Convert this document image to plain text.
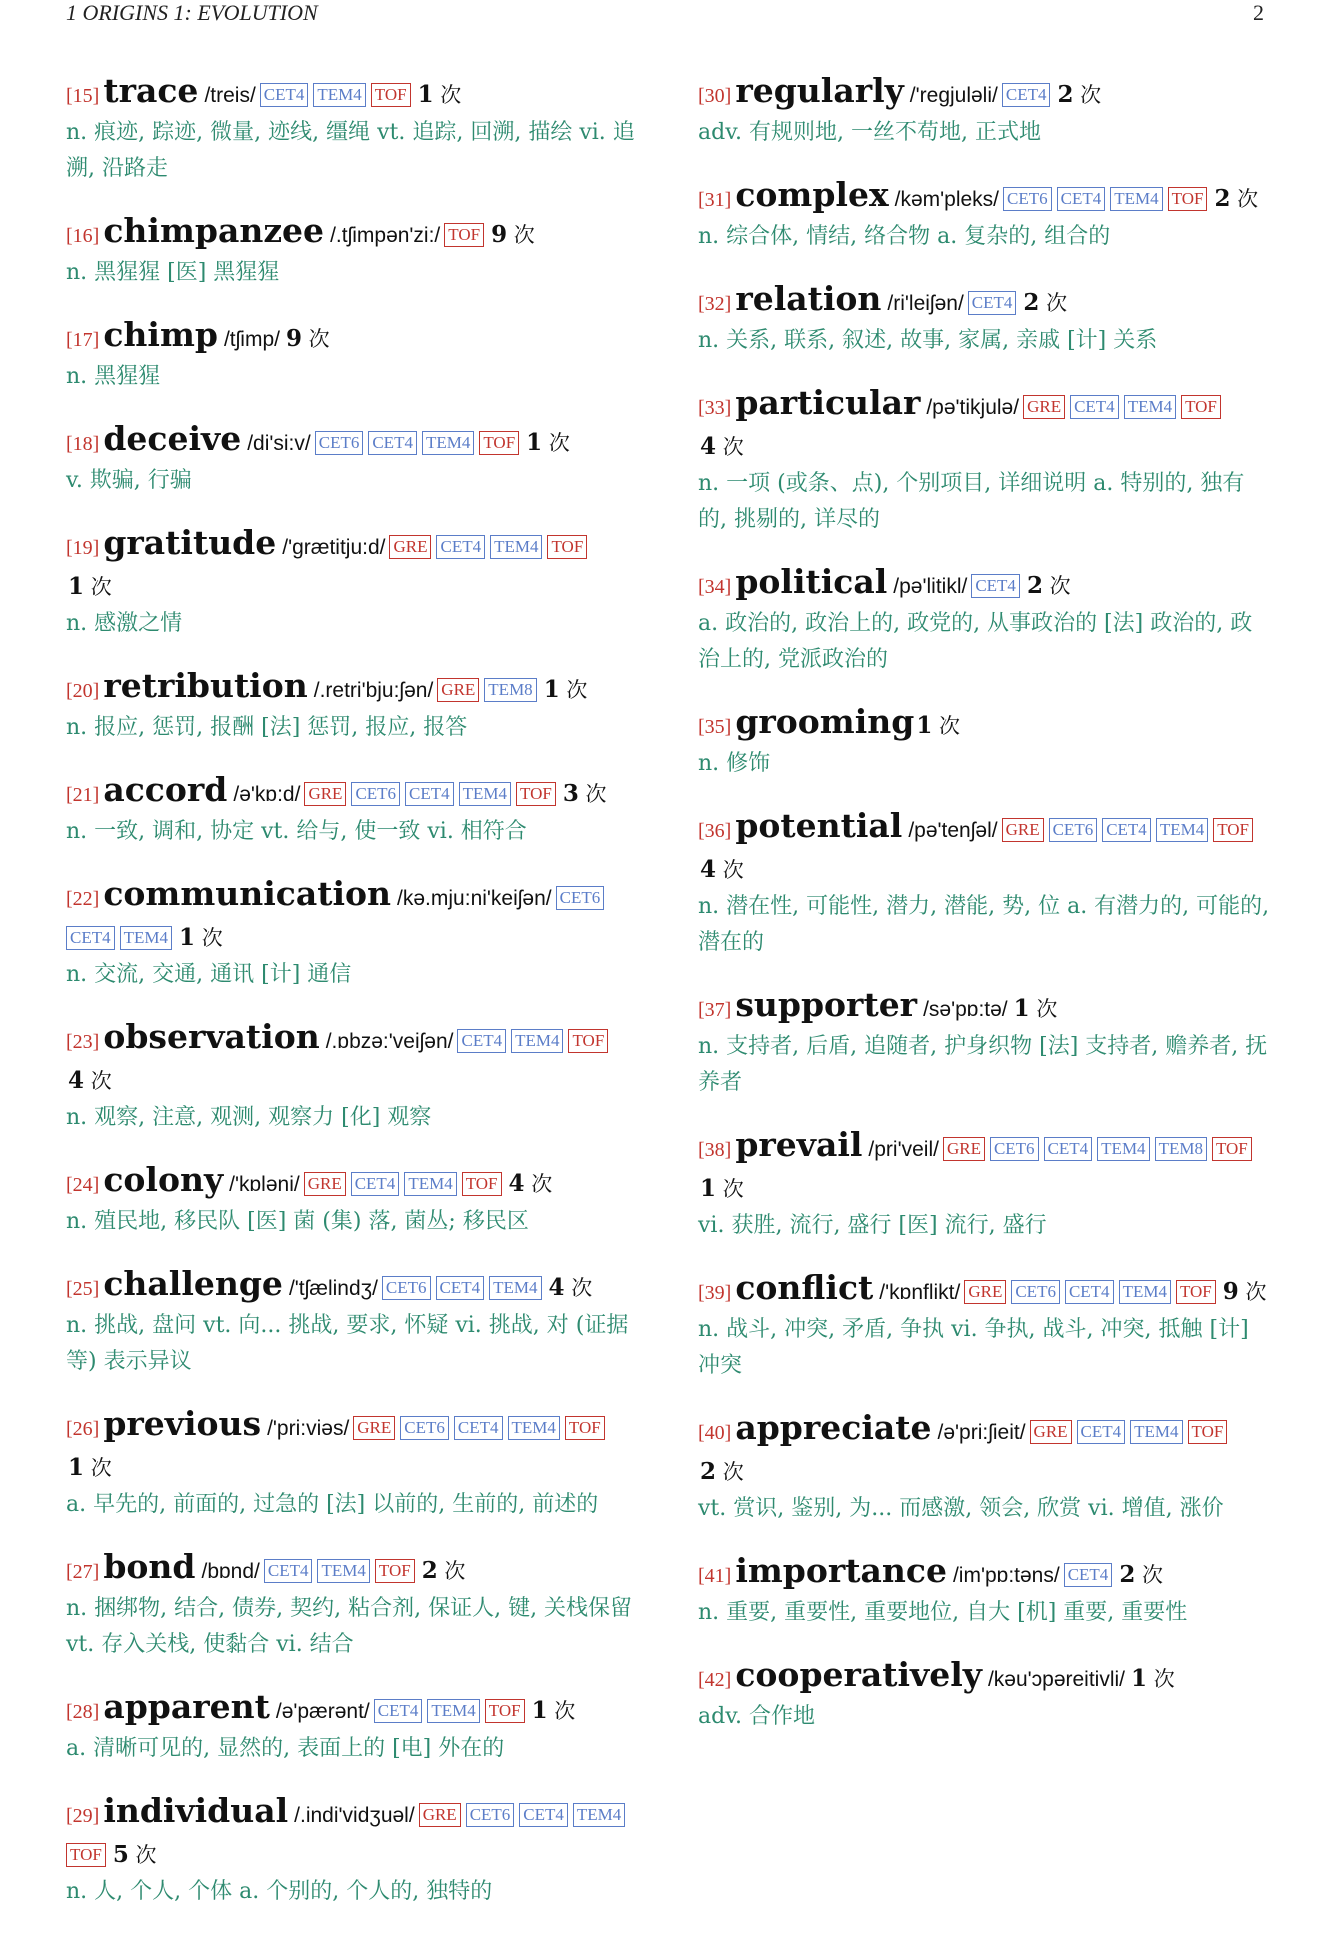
1 ORIGINS 1: EVOLUTION	2
[15] trace /treis/ CET4 TEM4 TOF 1 次
n. 痕迹, 踪迹, 微量, 迹线, 缰绳 vt. 追踪, 回溯, 描绘 vi. 追溯, 沿路走
[16] chimpanzee /.tʃimpən'zi:/ TOF 9 次
n. 黑猩猩 [医] 黑猩猩
[17] chimp /tʃimp/ 9 次
n. 黑猩猩
[18] deceive /di'si:v/ CET6 CET4 TEM4 TOF 1 次
v. 欺骗, 行骗
[19] gratitude /'grætitju:d/ GRE CET4 TEM4 TOF1 次
n. 感激之情
[20] retribution /.retri'bju:ʃən/ GRE TEM8 1 次
n. 报应, 惩罚, 报酬 [法] 惩罚, 报应, 报答
[21] accord /ə'kɒ:d/ GRE CET6 CET4 TEM4 TOF 3 次
n. 一致, 调和, 协定 vt. 给与, 使一致 vi. 相符合
[22] communication /kə.mju:ni'keiʃən/ CET6CET4 TEM4 1 次
n. 交流, 交通, 通讯 [计] 通信
[23] observation /.ɒbzə:'veiʃən/ CET4 TEM4 TOF4 次
n. 观察, 注意, 观测, 观察力 [化] 观察
[24] colony /'kɒləni/ GRE CET4 TEM4 TOF 4 次
n. 殖民地, 移民队 [医] 菌 (集) 落, 菌丛; 移民区
[25] challenge /'tʃælindʒ/ CET6 CET4 TEM4 4 次
n. 挑战, 盘问 vt. 向... 挑战, 要求, 怀疑 vi. 挑战, 对 (证据等) 表示异议
[26] previous /'pri:viəs/ GRE CET6 CET4 TEM4 TOF1 次
a. 早先的, 前面的, 过急的 [法] 以前的, 生前的, 前述的
[27] bond /bɒnd/ CET4 TEM4 TOF 2 次
n. 捆绑物, 结合, 债券, 契约, 粘合剂, 保证人, 键, 关栈保留 vt. 存入关栈, 使黏合 vi. 结合
[28] apparent /ə'pærənt/ CET4 TEM4 TOF 1 次
a. 清晰可见的, 显然的, 表面上的 [电] 外在的
[29] individual /.indi'vidʒuəl/ GRE CET6 CET4 TEM4TOF 5 次
n. 人, 个人, 个体 a. 个别的, 个人的, 独特的
[30] regularly /'regjuləli/ CET4 2 次
adv. 有规则地, 一丝不苟地, 正式地
[31] complex /kəm'pleks/ CET6 CET4 TEM4 TOF 2 次
n. 综合体, 情结, 络合物 a. 复杂的, 组合的
[32] relation /ri'leiʃən/ CET4 2 次
n. 关系, 联系, 叙述, 故事, 家属, 亲戚 [计] 关系
[33] particular /pə'tikjulə/ GRE CET4 TEM4 TOF4 次
n. 一项 (或条、点), 个别项目, 详细说明 a. 特别的, 独有的, 挑剔的, 详尽的
[34] political /pə'litikl/ CET4 2 次
a. 政治的, 政治上的, 政党的, 从事政治的 [法] 政治的, 政治上的, 党派政治的
[35] grooming1 次
n. 修饰
[36] potential /pə'tenʃəl/ GRE CET6 CET4 TEM4 TOF4 次
n. 潜在性, 可能性, 潜力, 潜能, 势, 位 a. 有潜力的, 可能的, 潜在的
[37] supporter /sə'pɒ:tə/ 1 次
n. 支持者, 后盾, 追随者, 护身织物 [法] 支持者, 赡养者, 抚养者
[38] prevail /pri'veil/ GRE CET6 CET4 TEM4 TEM8 TOF1 次
vi. 获胜, 流行, 盛行 [医] 流行, 盛行
[39] conflict /'kɒnflikt/ GRE CET6 CET4 TEM4 TOF 9 次
n. 战斗, 冲突, 矛盾, 争执 vi. 争执, 战斗, 冲突, 抵触 [计] 冲突
[40] appreciate /ə'pri:ʃieit/ GRE CET4 TEM4 TOF2 次
vt. 赏识, 鉴别, 为... 而感激, 领会, 欣赏 vi. 增值, 涨价
[41] importance /im'pɒ:təns/ CET4 2 次
n. 重要, 重要性, 重要地位, 自大 [机] 重要, 重要性
[42] cooperatively /kəu'ɔpəreitivli/ 1 次
adv. 合作地
